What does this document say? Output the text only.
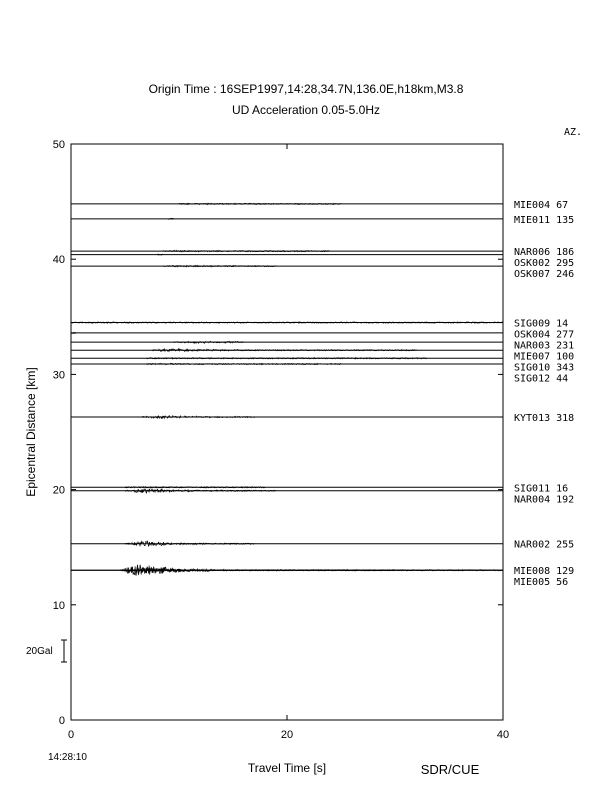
Origin Time : 16SEP1997,14:28,34.7N,136.0E,h18km,M3.8
UD Acceleration 0.05-5.0Hz
MIE004 67
MIE011 135
NAR006 186
OSK002 295
OSK007 246
SIG009 14
OSK004 277
NAR003 231
MIE007 100
SIG010 343
SIG012 44
KYT013 318
SIG011 16
NAR004 192
NAR002 255
MIE008 129
MIE005 56
0
10
20
30
40
50
0	20	40
Travel Time [s]
Epicentral Distance [km]
AZ.
20Gal
14:28:10
SDR/CUE
